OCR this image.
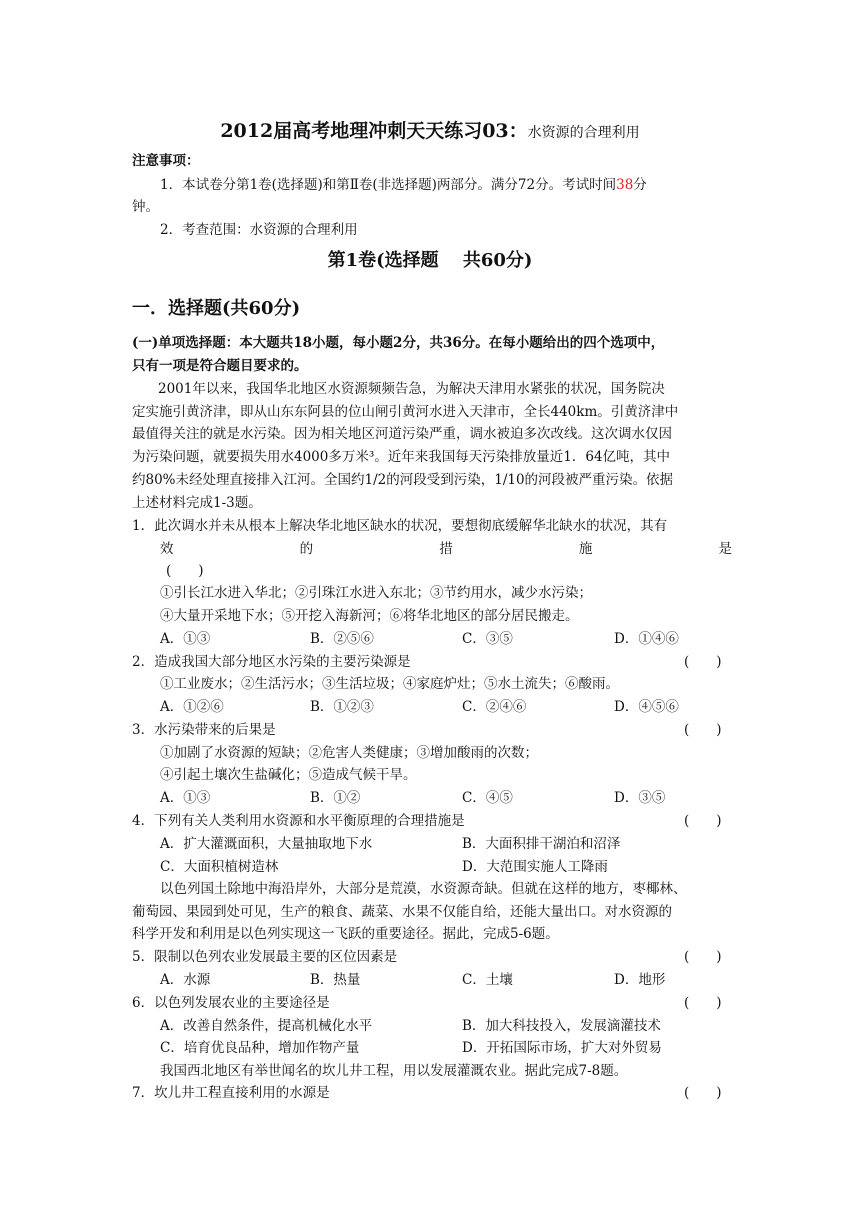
2012届高考地理冲刺天天练习03：水资源的合理利用
注意事项：
1．本试卷分第1卷(选择题)和第Ⅱ卷(非选择题)两部分。满分72分。考试时间38分
钟。
2．考查范围：水资源的合理利用
第1卷(选择题　 共60分)
一．选择题(共60分)
(一)单项选择题：本大题共18小题，每小题2分，共36分。在每小题给出的四个选项中，
只有一项是符合题目要求的。
2001年以来，我国华北地区水资源频频告急，为解决天津用水紧张的状况，国务院决
定实施引黄济津，即从山东东阿县的位山闸引黄河水进入天津市，全长440km。引黄济津中
最值得关注的就是水污染。因为相关地区河道污染严重，调水被迫多次改线。这次调水仅因
为污染问题，就要损失用水4000多万米³。近年来我国每天污染排放量近1．64亿吨，其中
约80%未经处理直接排入江河。全国约1/2的河段受到污染，1/10的河段被严重污染。依据
上述材料完成1-3题。
1．此次调水并未从根本上解决华北地区缺水的状况，要想彻底缓解华北缺水的状况，其有
效	的	措	施	是
(　　)
①引长江水进入华北；②引珠江水进入东北；③节约用水，减少水污染；
④大量开采地下水；⑤开挖入海新河；⑥将华北地区的部分居民搬走。
A．①③	B．②⑤⑥	C．③⑤	D．①④⑥
2．造成我国大部分地区水污染的主要污染源是	(　　)
①工业废水；②生活污水；③生活垃圾；④家庭炉灶；⑤水土流失；⑥酸雨。
A．①②⑥	B．①②③	C．②④⑥	D．④⑤⑥
3．水污染带来的后果是	(　　)
①加剧了水资源的短缺；②危害人类健康；③增加酸雨的次数；
④引起土壤次生盐碱化；⑤造成气候干旱。
A．①③	B．①②	C．④⑤	D．③⑤
4．下列有关人类利用水资源和水平衡原理的合理措施是	(　　)
A．扩大灌溉面积，大量抽取地下水	B．大面积排干湖泊和沼泽
C．大面积植树造林	D．大范围实施人工降雨
以色列国土除地中海沿岸外，大部分是荒漠，水资源奇缺。但就在这样的地方，枣椰林、
葡萄园、果园到处可见，生产的粮食、蔬菜、水果不仅能自给，还能大量出口。对水资源的
科学开发和利用是以色列实现这一飞跃的重要途径。据此，完成5-6题。
5．限制以色列农业发展最主要的区位因素是	(　　)
A．水源	B．热量	C．土壤	D．地形
6．以色列发展农业的主要途径是	(　　)
A．改善自然条件，提高机械化水平	B．加大科技投入，发展滴灌技术
C．培育优良品种，增加作物产量	D．开拓国际市场，扩大对外贸易
我国西北地区有举世闻名的坎儿井工程，用以发展灌溉农业。据此完成7-8题。
7．坎儿井工程直接利用的水源是	(　　)
